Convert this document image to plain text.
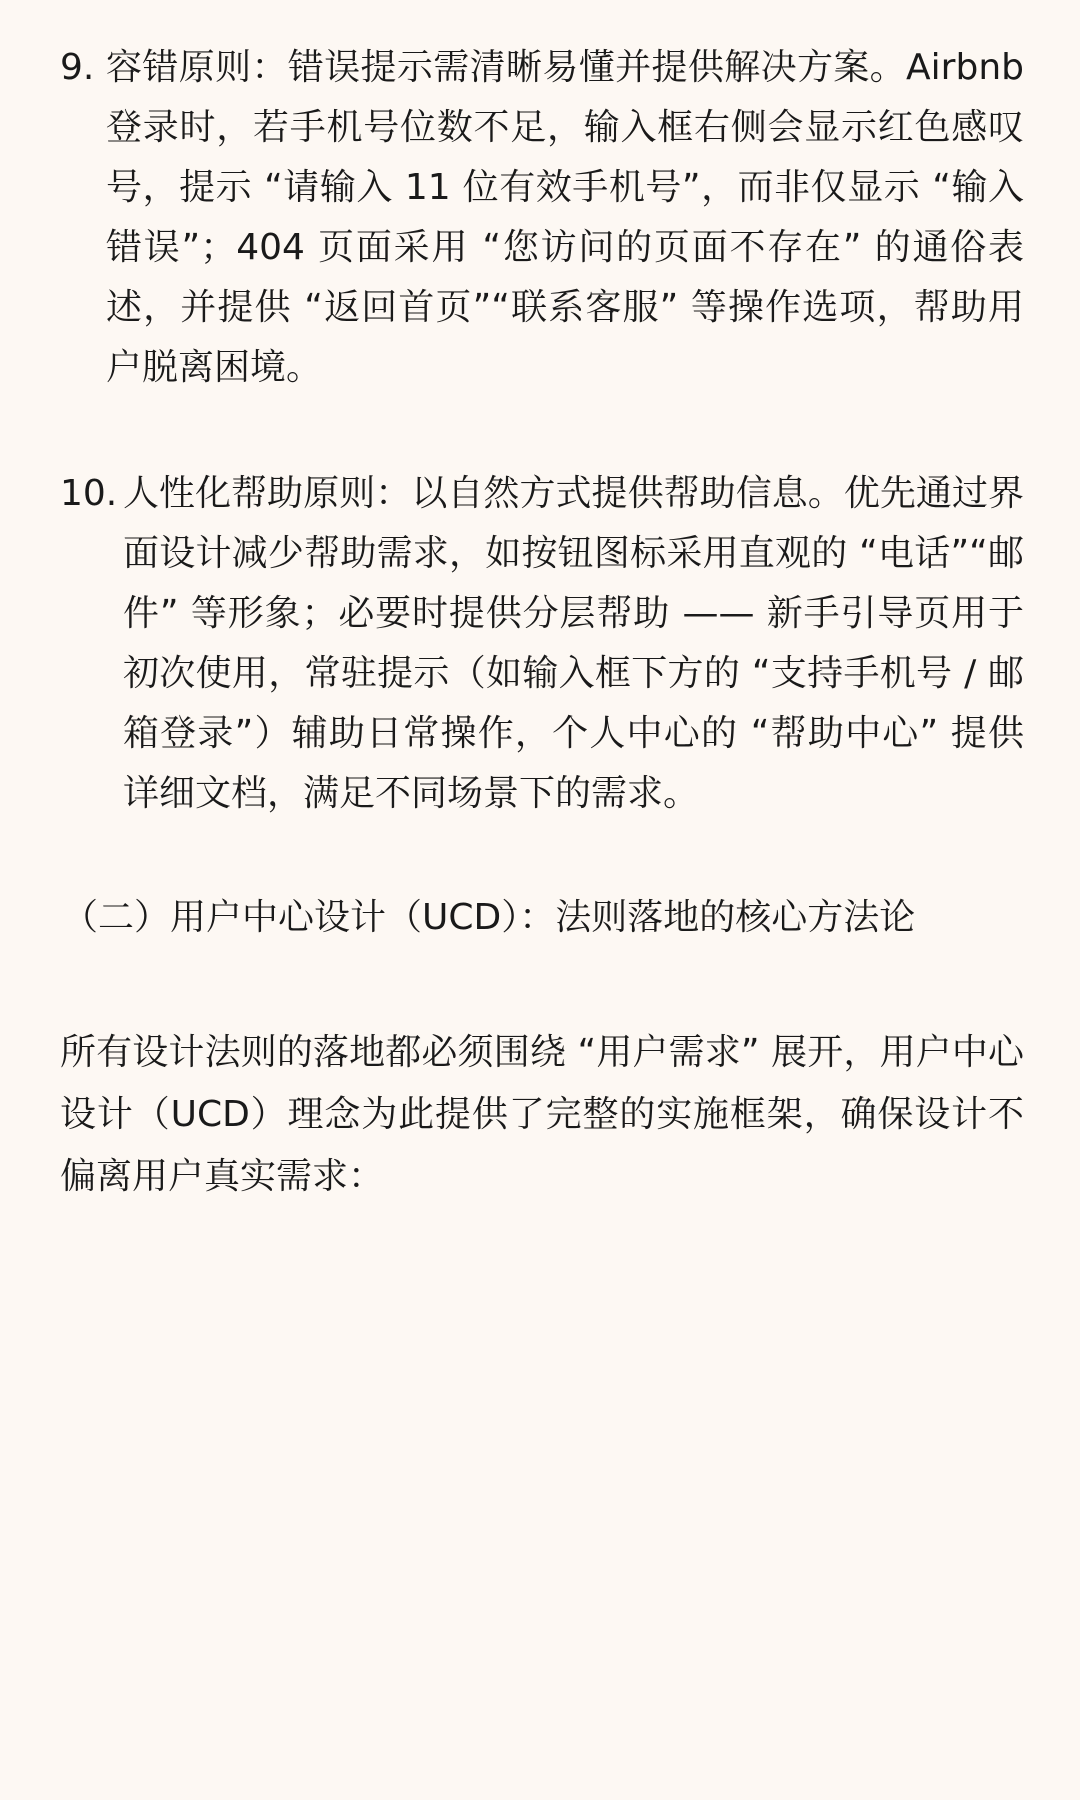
9. 容错原则：错误提示需清晰易懂并提供解决方案。Airbnb 登录时，若手机号位数不足，输入框右侧会显示红色感叹号，提示 “请输入 11 位有效手机号”，而非仅显示 “输入错误”；404 页面采用 “您访问的页面不存在” 的通俗表述，并提供 “返回首页”“联系客服” 等操作选项，帮助用户脱离困境。
10. 人性化帮助原则：以自然方式提供帮助信息。优先通过界面设计减少帮助需求，如按钮图标采用直观的 “电话”“邮件” 等形象；必要时提供分层帮助 —— 新手引导页用于初次使用，常驻提示（如输入框下方的 “支持手机号 / 邮箱登录”）辅助日常操作，个人中心的 “帮助中心” 提供详细文档，满足不同场景下的需求。
（二）用户中心设计（UCD）：法则落地的核心方法论
所有设计法则的落地都必须围绕 “用户需求” 展开，用户中心设计（UCD）理念为此提供了完整的实施框架，确保设计不偏离用户真实需求：
